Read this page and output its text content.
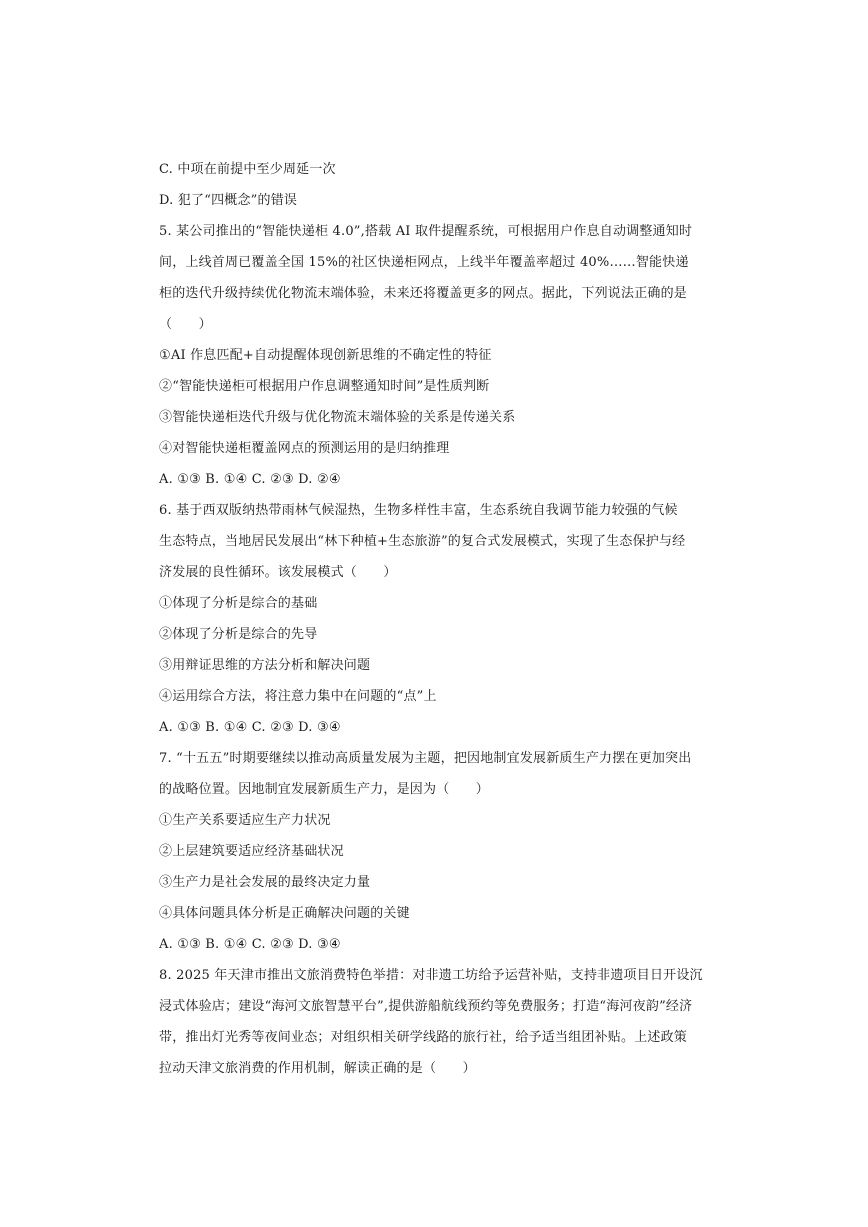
C. 中项在前提中至少周延一次
D. 犯了“四概念”的错误
5. 某公司推出的“智能快递柜 4.0”,搭载 AI 取件提醒系统，可根据用户作息自动调整通知时
间，上线首周已覆盖全国 15%的社区快递柜网点，上线半年覆盖率超过 40%……智能快递
柜的迭代升级持续优化物流末端体验，未来还将覆盖更多的网点。据此，下列说法正确的是
（　　）
①AI 作息匹配+自动提醒体现创新思维的不确定性的特征
②“智能快递柜可根据用户作息调整通知时间”是性质判断
③智能快递柜迭代升级与优化物流末端体验的关系是传递关系
④对智能快递柜覆盖网点的预测运用的是归纳推理
A. ①③ B. ①④ C. ②③ D. ②④
6. 基于西双版纳热带雨林气候湿热，生物多样性丰富，生态系统自我调节能力较强的气候
生态特点，当地居民发展出“林下种植+生态旅游”的复合式发展模式，实现了生态保护与经
济发展的良性循环。该发展模式（　　）
①体现了分析是综合的基础
②体现了分析是综合的先导
③用辩证思维的方法分析和解决问题
④运用综合方法，将注意力集中在问题的“点”上
A. ①③ B. ①④ C. ②③ D. ③④
7. “十五五”时期要继续以推动高质量发展为主题，把因地制宜发展新质生产力摆在更加突出
的战略位置。因地制宜发展新质生产力，是因为（　　）
①生产关系要适应生产力状况
②上层建筑要适应经济基础状况
③生产力是社会发展的最终决定力量
④具体问题具体分析是正确解决问题的关键
A. ①③ B. ①④ C. ②③ D. ③④
8. 2025 年天津市推出文旅消费特色举措：对非遗工坊给予运营补贴，支持非遗项目日开设沉
浸式体验店；建设“海河文旅智慧平台”,提供游船航线预约等免费服务；打造“海河夜韵”经济
带，推出灯光秀等夜间业态；对组织相关研学线路的旅行社，给予适当组团补贴。上述政策
拉动天津文旅消费的作用机制，解读正确的是（　　）
